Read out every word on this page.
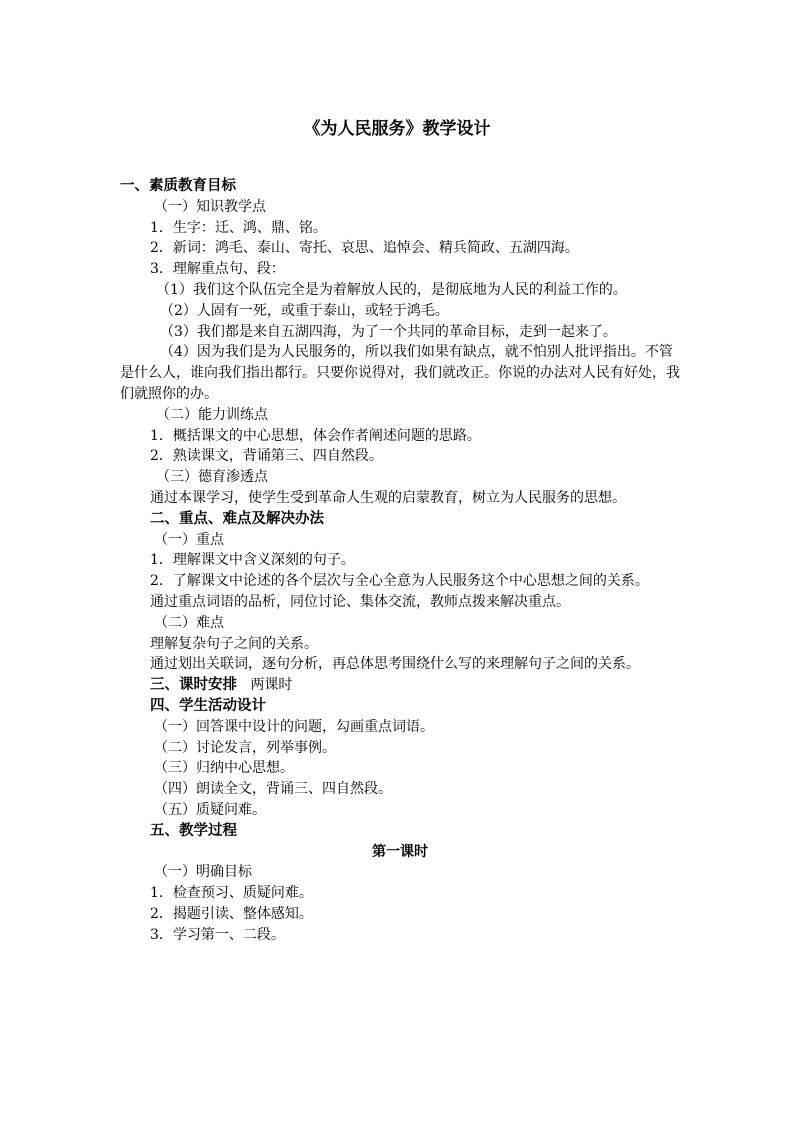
《为人民服务》教学设计
一、素质教育目标
（一）知识教学点
1．生字：迁、鸿、鼎、铭。
2．新词：鸿毛、泰山、寄托、哀思、追悼会、精兵简政、五湖四海。
3．理解重点句、段：
（1）我们这个队伍完全是为着解放人民的，是彻底地为人民的利益工作的。
（2）人固有一死，或重于泰山，或轻于鸿毛。
（3）我们都是来自五湖四海，为了一个共同的革命目标，走到一起来了。
（4）因为我们是为人民服务的，所以我们如果有缺点，就不怕别人批评指出。不管是什么人，谁向我们指出都行。只要你说得对，我们就改正。你说的办法对人民有好处，我们就照你的办。
（二）能力训练点
1．概括课文的中心思想，体会作者阐述问题的思路。
2．熟读课文，背诵第三、四自然段。
（三）德育渗透点
通过本课学习，使学生受到革命人生观的启蒙教育，树立为人民服务的思想。
二、重点、难点及解决办法
（一）重点
1．理解课文中含义深刻的句子。
2．了解课文中论述的各个层次与全心全意为人民服务这个中心思想之间的关系。
通过重点词语的品析，同位讨论、集体交流，教师点拨来解决重点。
（二）难点
理解复杂句子之间的关系。
通过划出关联词，逐句分析，再总体思考围绕什么写的来理解句子之间的关系。
三、课时安排 两课时
四、学生活动设计
（一）回答课中设计的问题，勾画重点词语。
（二）讨论发言，列举事例。
（三）归纳中心思想。
（四）朗读全文，背诵三、四自然段。
（五）质疑问难。
五、教学过程
第一课时
（一）明确目标
1．检查预习、质疑问难。
2．揭题引读、整体感知。
3．学习第一、二段。
